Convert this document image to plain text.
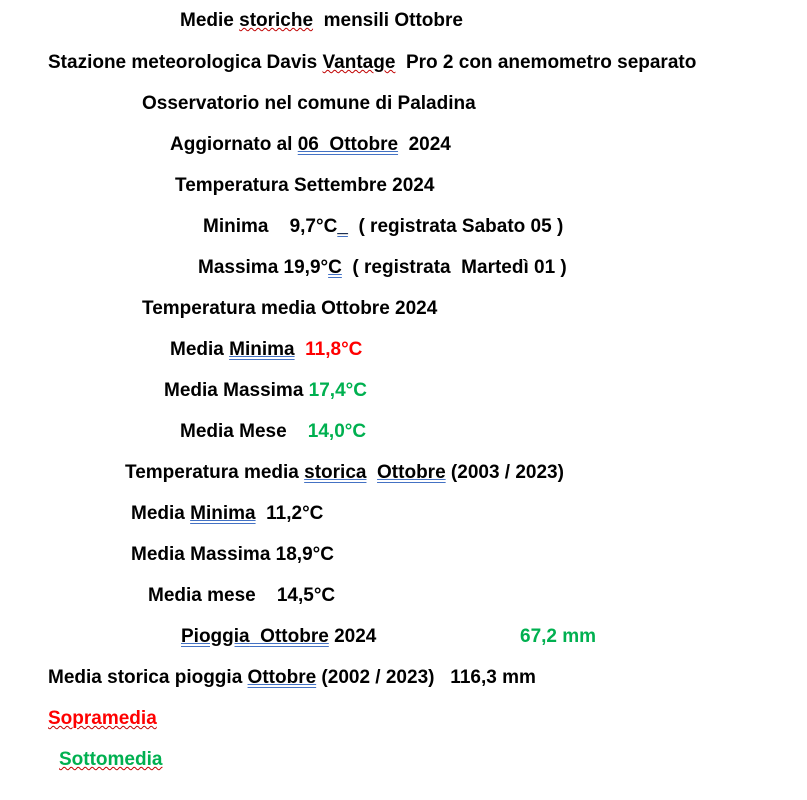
Medie storiche  mensili Ottobre
Stazione meteorologica Davis Vantage  Pro 2 con anemometro separato
Osservatorio nel comune di Paladina
Aggiornato al 06  Ottobre  2024
Temperatura Settembre 2024
Minima    9,7°C_  ( registrata Sabato 05 )
Massima 19,9°C  ( registrata  Martedì 01 )
Temperatura media Ottobre 2024
Media Minima  11,8°C
Media Massima 17,4°C
Media Mese    14,0°C
Temperatura media storica Ottobre (2003 / 2023)
Media Minima  11,2°C
Media Massima 18,9°C
Media mese    14,5°C
Pioggia  Ottobre 2024	67,2 mm
Media storica pioggia Ottobre (2002 / 2023)   116,3 mm
Sopramedia
Sottomedia
